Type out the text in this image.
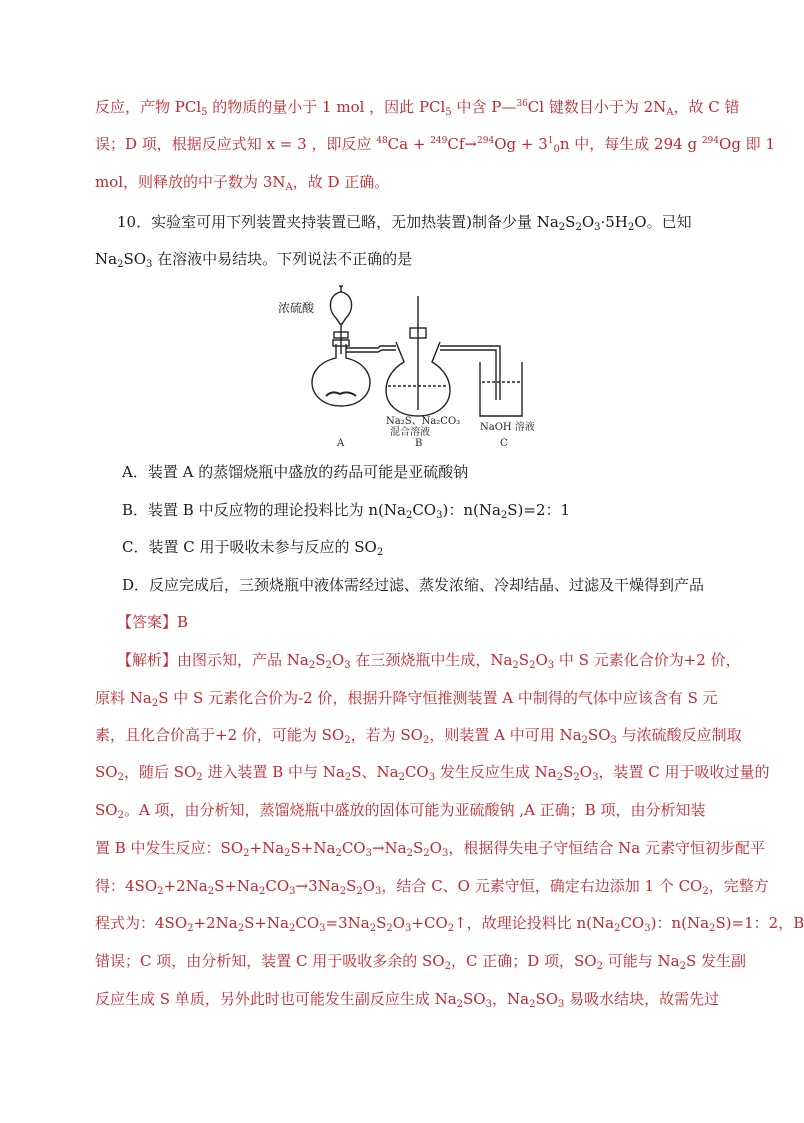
反应，产物 PCl$_5$ 的物质的量小于 1 mol ，因此 PCl$_5$ 中含 P—$^{36}$Cl 键数目小于为 $2N_A$，故 C 错
误；D 项，根据反应式知 x = 3 ，即反应 $^{48}Ca + ^{249}Cf\to^{294}Og + 3^1_0n$ 中，每生成 294 g $^{294}$Og 即 1
mol，则释放的中子数为 $3N_A$，故 D 正确。
10．实验室可用下列装置夹持装置已略，无加热装置)制备少量 $Na_2S_2O_3\cdot 5H_2O$。已知
$Na_2SO_3$ 在溶液中易结块。下列说法不正确的是
浓硫酸
Na₂S、Na₂CO₃
混合溶液	NaOH 溶液
A	B	C
A．装置 A 的蒸馏烧瓶中盛放的药品可能是亚硫酸钠
B．装置 B 中反应物的理论投料比为 $n(Na_2CO_3)$：$n(Na_2S)=2$：1
C．装置 C 用于吸收未参与反应的 $SO_2$
D．反应完成后，三颈烧瓶中液体需经过滤、蒸发浓缩、冷却结晶、过滤及干燥得到产品
【答案】B
【解析】由图示知，产品 $Na_2S_2O_3$ 在三颈烧瓶中生成，$Na_2S_2O_3$ 中 S 元素化合价为+2 价，
原料 $Na_2S$ 中 S 元素化合价为-2 价，根据升降守恒推测装置 A 中制得的气体中应该含有 S 元
素，且化合价高于+2 价，可能为 $SO_2$，若为 $SO_2$，则装置 A 中可用 $Na_2SO_3$ 与浓硫酸反应制取
$SO_2$，随后 $SO_2$ 进入装置 B 中与 $Na_2S$、$Na_2CO_3$ 发生反应生成 $Na_2S_2O_3$，装置 C 用于吸收过量的
$SO_2$。A 项，由分析知，蒸馏烧瓶中盛放的固体可能为亚硫酸钠 ,A 正确；B 项，由分析知装
置 B 中发生反应：$SO_2+Na_2S+Na_2CO_3\to Na_2S_2O_3$，根据得失电子守恒结合 Na 元素守恒初步配平
得：$4SO_2+2Na_2S+Na_2CO_3\to 3Na_2S_2O_3$，结合 C、O 元素守恒，确定右边添加 1 个 $CO_2$，完整方
程式为：$4SO_2+2Na_2S+Na_2CO_3=3Na_2S_2O_3+CO_2↑$，故理论投料比 $n(Na_2CO_3)$：$n(Na_2S)=1$：2，B
错误；C 项，由分析知，装置 C 用于吸收多余的 $SO_2$，C 正确；D 项，$SO_2$ 可能与 $Na_2S$ 发生副
反应生成 S 单质，另外此时也可能发生副反应生成 $Na_2SO_3$，$Na_2SO_3$ 易吸水结块，故需先过
